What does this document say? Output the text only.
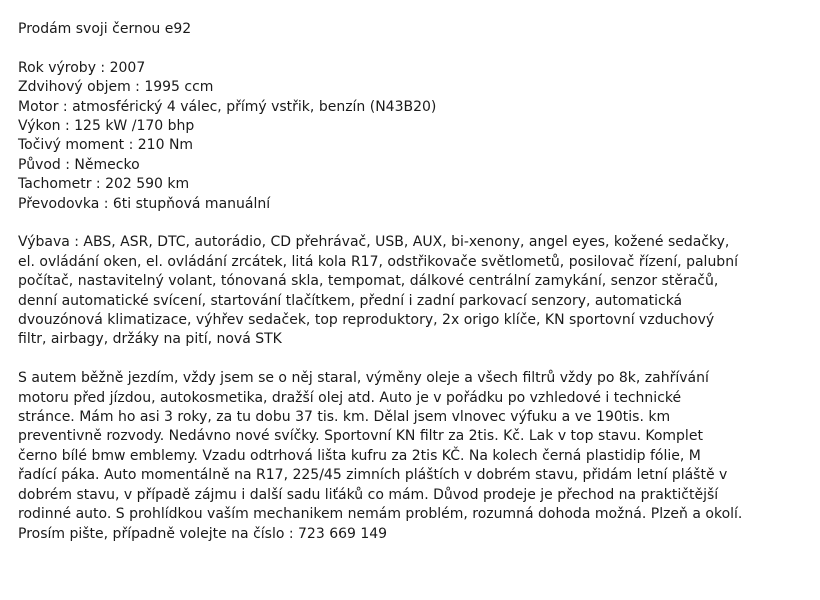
Prodám svoji černou e92
Rok výroby : 2007
Zdvihový objem : 1995 ccm
Motor : atmosférický 4 válec, přímý vstřik, benzín (N43B20)
Výkon : 125 kW /170 bhp
Točivý moment : 210 Nm
Původ : Německo
Tachometr : 202 590 km
Převodovka : 6ti stupňová manuální
Výbava : ABS, ASR, DTC, autorádio, CD přehrávač, USB, AUX, bi-xenony, angel eyes, kožené sedačky,
el. ovládání oken, el. ovládání zrcátek, litá kola R17, odstřikovače světlometů, posilovač řízení, palubní
počítač, nastavitelný volant, tónovaná skla, tempomat, dálkové centrální zamykání, senzor stěračů,
denní automatické svícení, startování tlačítkem, přední i zadní parkovací senzory, automatická
dvouzónová klimatizace, výhřev sedaček, top reproduktory, 2x origo klíče, KN sportovní vzduchový
filtr, airbagy, držáky na pití, nová STK
S autem běžně jezdím, vždy jsem se o něj staral, výměny oleje a všech filtrů vždy po 8k, zahřívání
motoru před jízdou, autokosmetika, dražší olej atd. Auto je v pořádku po vzhledové i technické
stránce. Mám ho asi 3 roky, za tu dobu 37 tis. km. Dělal jsem vlnovec výfuku a ve 190tis. km
preventivně rozvody. Nedávno nové svíčky. Sportovní KN filtr za 2tis. Kč. Lak v top stavu. Komplet
černo bílé bmw emblemy. Vzadu odtrhová lišta kufru za 2tis KČ. Na kolech černá plastidip fólie, M
řadící páka. Auto momentálně na R17, 225/45 zimních pláštích v dobrém stavu, přidám letní pláště v
dobrém stavu, v případě zájmu i další sadu liťáků co mám. Důvod prodeje je přechod na praktičtější
rodinné auto. S prohlídkou vaším mechanikem nemám problém, rozumná dohoda možná. Plzeň a okolí.
Prosím pište, případně volejte na číslo : 723 669 149
